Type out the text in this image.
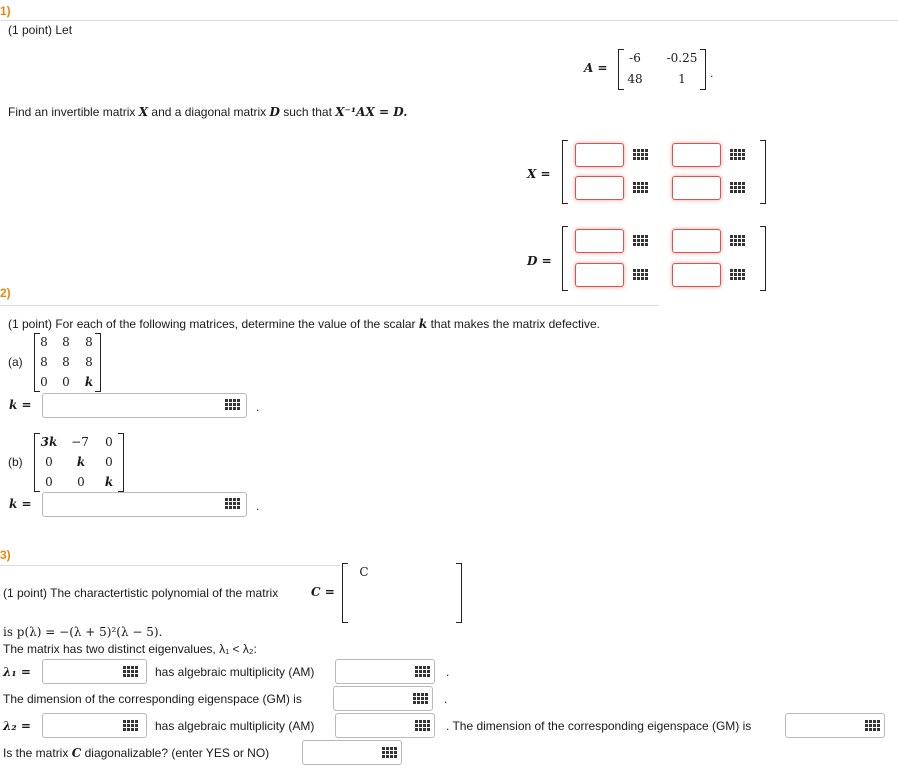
1)
(1 point) Let
A =
-6	-0.25
48	1	.
Find an invertible matrix X and a diagonal matrix D such that X⁻¹AX = D.
X =
D =
2)
(1 point) For each of the following matrices, determine the value of the scalar k that makes the matrix defective.
(a)
8 8 8
8 8 8
0 0 k
k =	.
(b)
3k −7 0
0	k	0
0	0	k
k =	.
3)
(1 point) The charactertistic polynomial of the matrix	C =
C
is p(λ) = −(λ + 5)²(λ − 5).
The matrix has two distinct eigenvalues, λ₁ < λ₂:
λ₁ =	has algebraic multiplicity (AM)	.
The dimension of the corresponding eigenspace (GM) is	.
λ₂ =	has algebraic multiplicity (AM)	. The dimension of the corresponding eigenspace (GM) is
Is the matrix C diagonalizable? (enter YES or NO)
